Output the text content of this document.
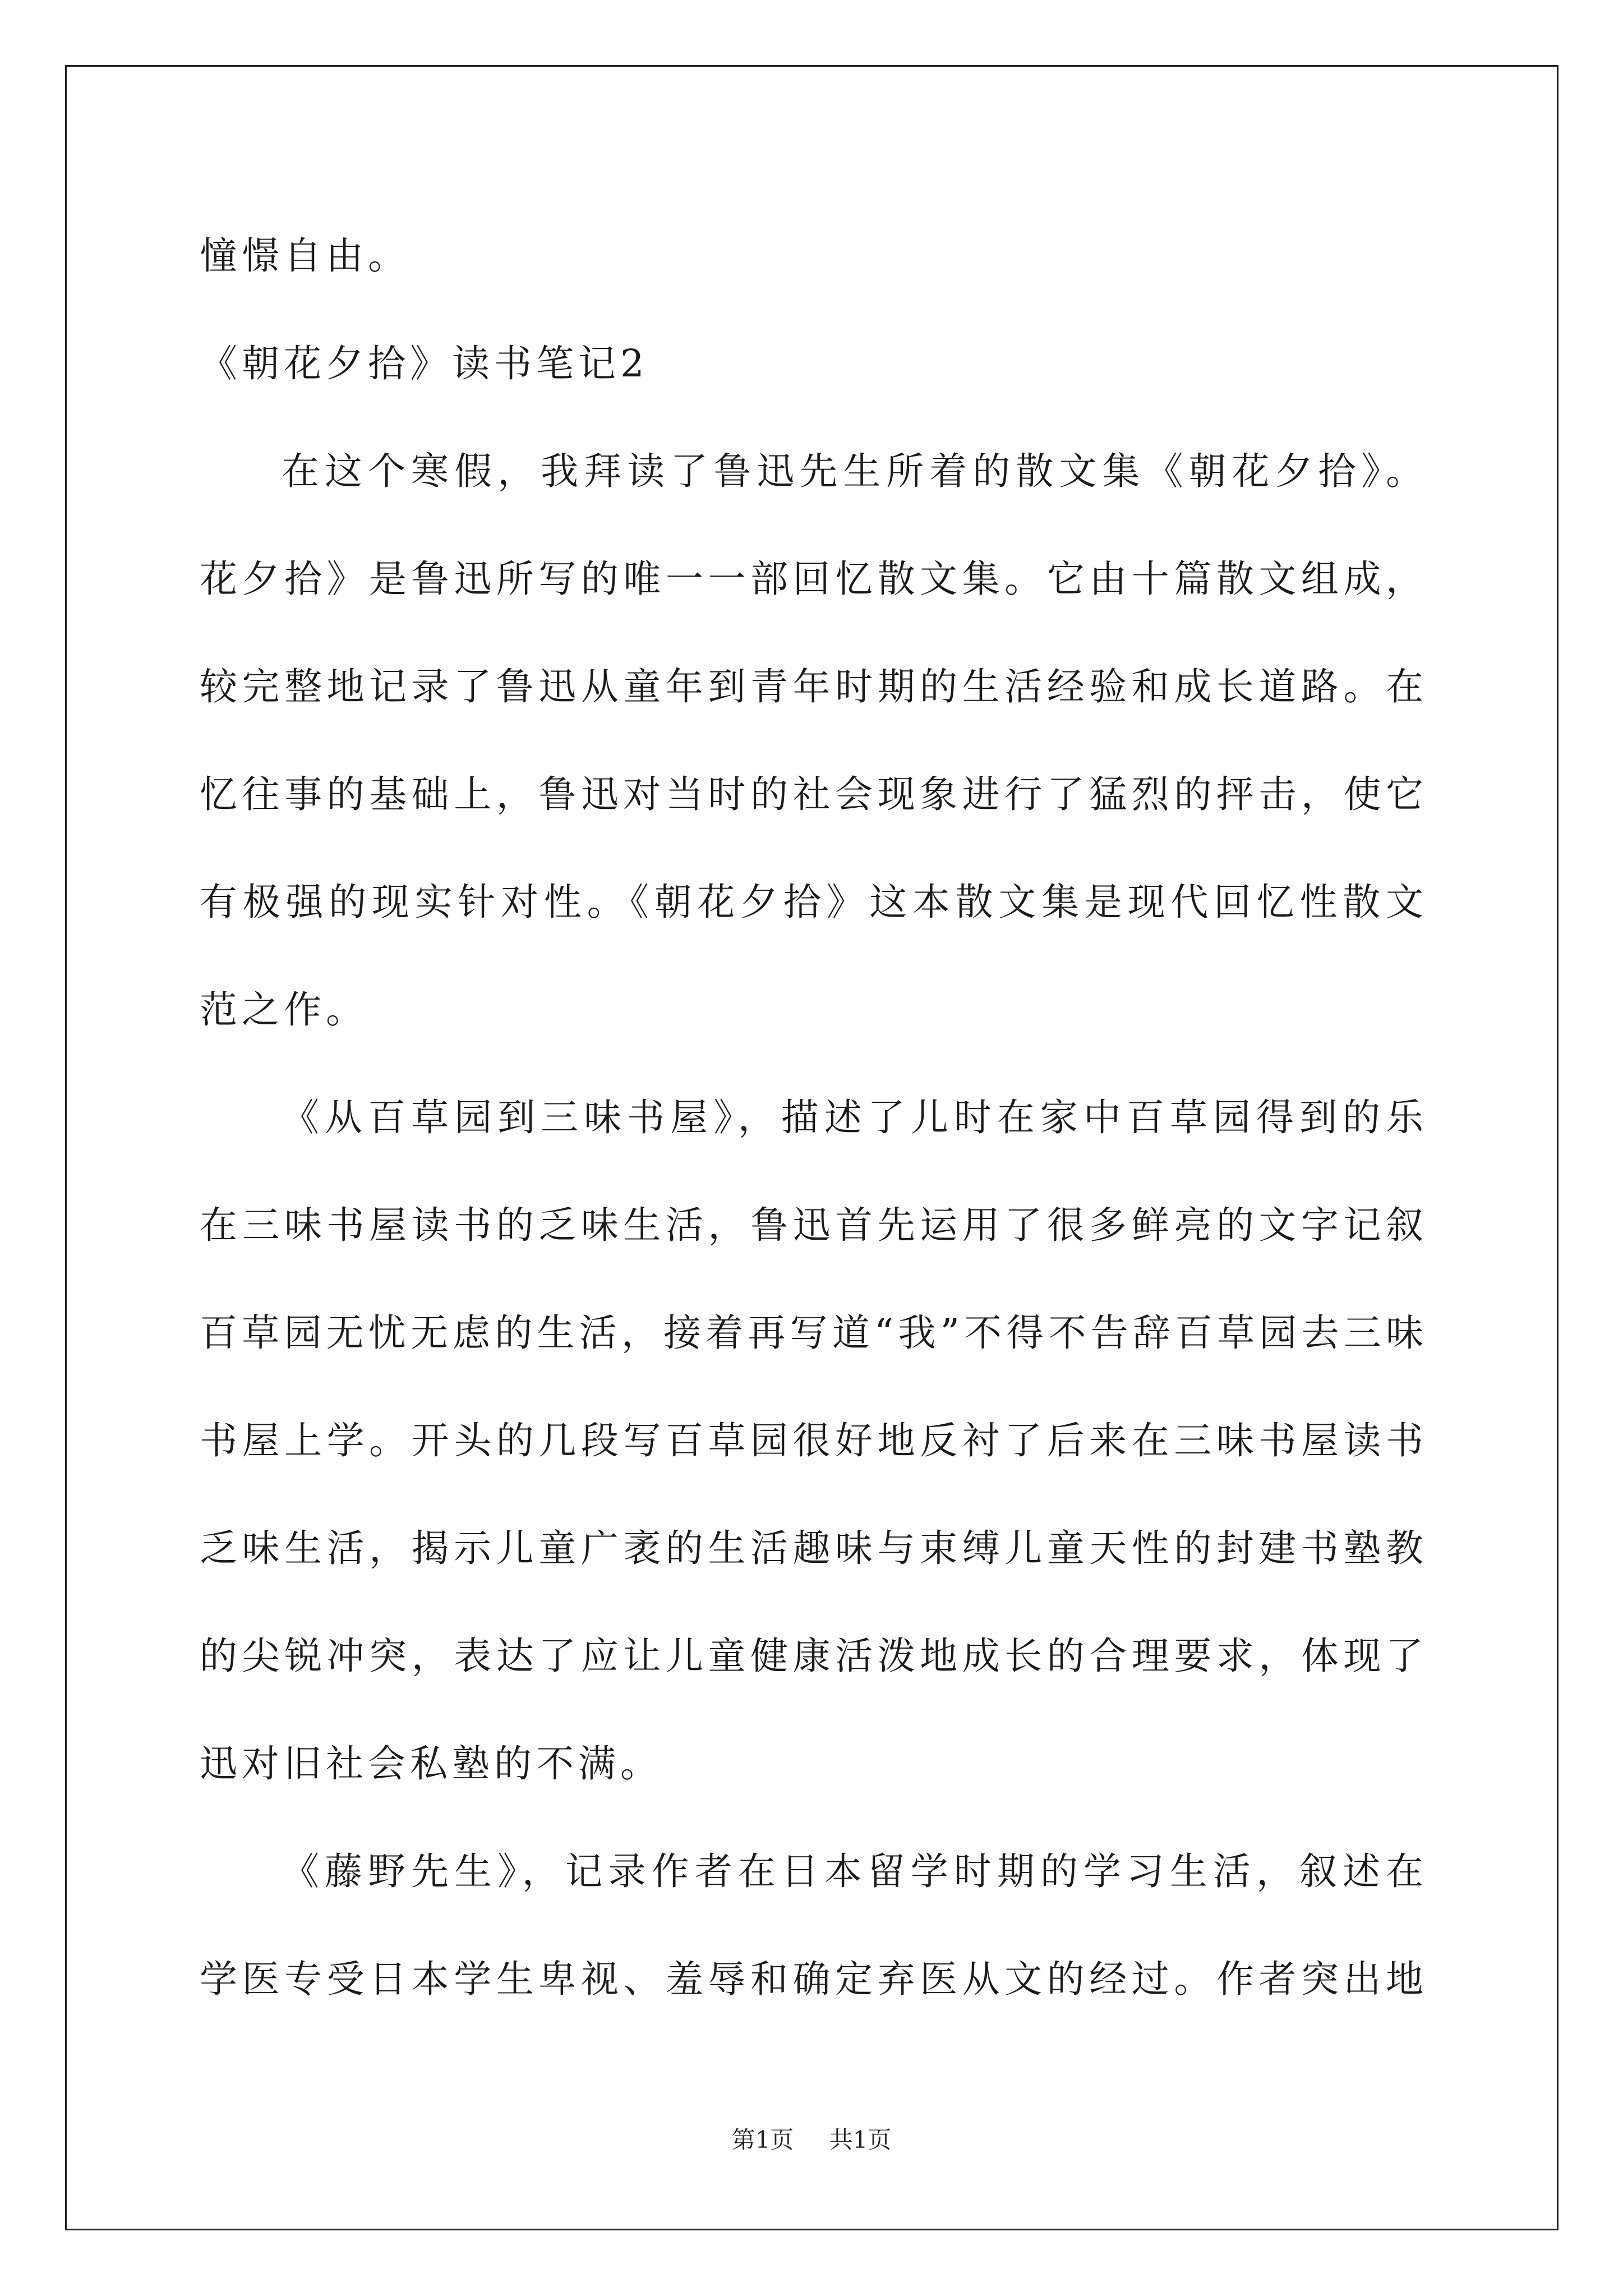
憧憬自由。
《朝花夕拾》读书笔记2
在这个寒假，我拜读了鲁迅先生所着的散文集《朝花夕拾》。
花夕拾》是鲁迅所写的唯一一部回忆散文集。它由十篇散文组成，
较完整地记录了鲁迅从童年到青年时期的生活经验和成长道路。在
忆往事的基础上，鲁迅对当时的社会现象进行了猛烈的抨击，使它
有极强的现实针对性。《朝花夕拾》这本散文集是现代回忆性散文
范之作。
《从百草园到三味书屋》，描述了儿时在家中百草园得到的乐
在三味书屋读书的乏味生活，鲁迅首先运用了很多鲜亮的文字记叙
百草园无忧无虑的生活，接着再写道“我”不得不告辞百草园去三味
书屋上学。开头的几段写百草园很好地反衬了后来在三味书屋读书
乏味生活，揭示儿童广袤的生活趣味与束缚儿童天性的封建书塾教
的尖锐冲突，表达了应让儿童健康活泼地成长的合理要求，体现了
迅对旧社会私塾的不满。
《藤野先生》，记录作者在日本留学时期的学习生活，叙述在
学医专受日本学生卑视、羞辱和确定弃医从文的经过。作者突出地
第1页 共1页
